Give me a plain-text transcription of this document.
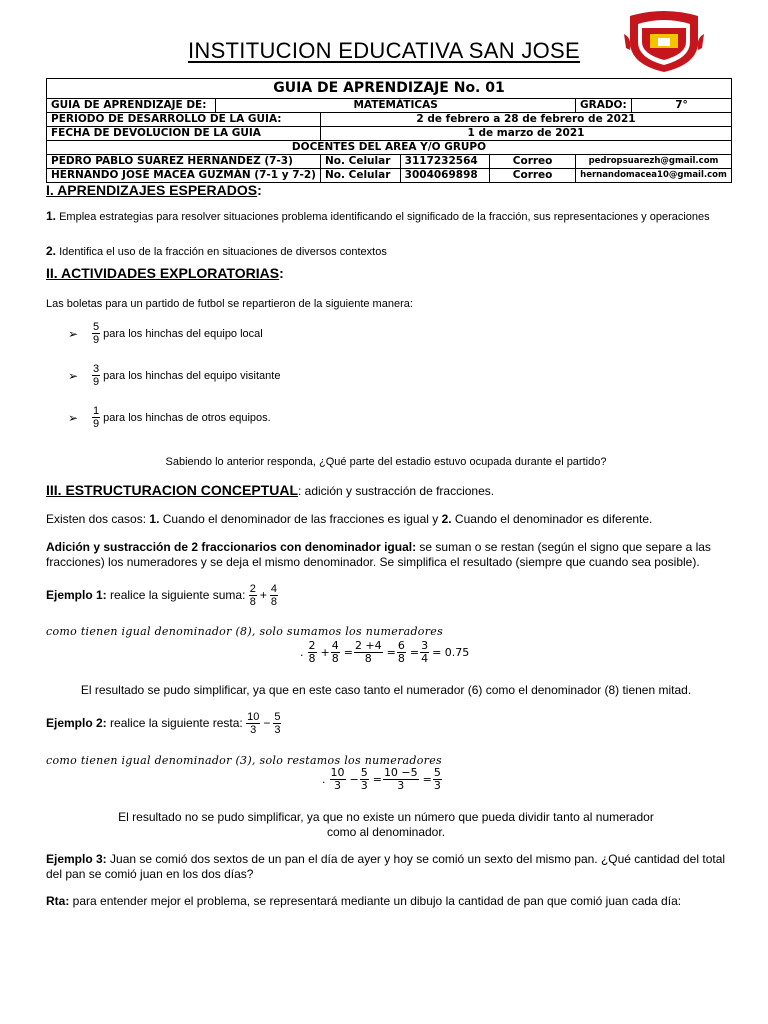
INSTITUCION EDUCATIVA SAN JOSE
GUIA DE APRENDIZAJE No. 01						
GUIA DE APRENDIZAJE DE:	MATEMÁTICAS				GRADO:	7°
PERIODO DE DESARROLLO DE LA GUIA:		2 de febrero a 28 de febrero de 2021				
FECHA DE DEVOLUCION DE LA GUIA		1 de marzo de 2021				
DOCENTES DEL AREA Y/O GRUPO						
PEDRO PABLO SUAREZ HERNANDEZ (7-3)		No. Celular	3117232564	Correo	pedropsuarezh@gmail.com	
HERNANDO JOSÉ MACEA GUZMÁN (7-1 y 7-2)		No. Celular	3004069898	Correo	hernandomacea10@gmail.com	
I. APRENDIZAJES ESPERADOS:
1. Emplea estrategias para resolver situaciones problema identificando el significado de la fracción, sus representaciones y operaciones
2. Identifica el uso de la fracción en situaciones de diversos contextos
II. ACTIVIDADES EXPLORATORIAS:
Las boletas para un partido de futbol se repartieron de la siguiente manera:
➢	$\frac{5}{9}$ para los hinchas del equipo local
➢	$\frac{3}{9}$ para los hinchas del equipo visitante
➢	$\frac{1}{9}$ para los hinchas de otros equipos.
Sabiendo lo anterior responda, ¿Qué parte del estadio estuvo ocupada durante el partido?
III. ESTRUCTURACION CONCEPTUAL: adición y sustracción de fracciones.
Existen dos casos: 1. Cuando el denominador de las fracciones es igual y 2. Cuando el denominador es diferente.
Adición y sustracción de 2 fraccionarios con denominador igual: se suman o se restan (según el signo que separe a las fracciones) los numeradores y se deja el mismo denominador. Se simplifica el resultado (siempre que cuando sea posible).
Ejemplo 1: realice la siguiente suma: $\frac{2}{8} + \frac{4}{8}$
como tienen igual denominador (8), solo sumamos los numeradores
. $\frac{2}{8} + \frac{4}{8} = \frac{2 +4}{8} = \frac{6}{8} = \frac{3}{4} = 0.75$
El resultado se pudo simplificar, ya que en este caso tanto el numerador (6) como el denominador (8) tienen mitad.
Ejemplo 2: realice la siguiente resta: $\frac{10}{3} - \frac{5}{3}$
como tienen igual denominador (3), solo restamos los numeradores
. $\frac{10}{3} - \frac{5}{3} = \frac{10 -5}{3} = \frac{5}{3}$
El resultado no se pudo simplificar, ya que no existe un número que pueda dividir tanto al numerador como al denominador.
Ejemplo 3: Juan se comió dos sextos de un pan el día de ayer y hoy se comió un sexto del mismo pan. ¿Qué cantidad del total del pan se comió juan en los dos días?
Rta: para entender mejor el problema, se representará mediante un dibujo la cantidad de pan que comió juan cada día:
